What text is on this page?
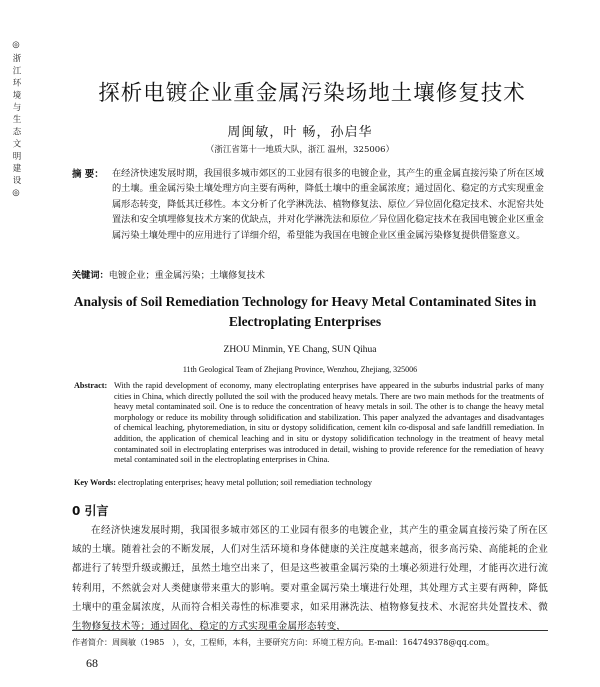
◎ 浙 江 环 境 与 生 态 文 明 建 设 ◎	探析电镀企业重金属污染场地土壤修复技术
周闽敏，叶 畅，孙启华
（浙江省第十一地质大队，浙江 温州，325006）
摘 要： 在经济快速发展时期，我国很多城市郊区的工业园有很多的电镀企业，其产生的重金属直接污染了所在区域的土壤。重金属污染土壤处理方向主要有两种，降低土壤中的重金属浓度；通过固化、稳定的方式实现重金属形态转变，降低其迁移性。本文分析了化学淋洗法、植物修复法、原位／异位固化稳定技术、水泥窑共处置法和安全填埋修复技术方案的优缺点，并对化学淋洗法和原位／异位固化稳定技术在我国电镀企业区重金属污染土壤处理中的应用进行了详细介绍，希望能为我国在电镀企业区重金属污染修复提供借鉴意义。
关键词：电镀企业；重金属污染；土壤修复技术
Analysis of Soil Remediation Technology for Heavy Metal Contaminated Sites in Electroplating Enterprises
ZHOU Minmin, YE Chang, SUN Qihua
11th Geological Team of Zhejiang Province, Wenzhou, Zhejiang, 325006
Abstract: With the rapid development of economy, many electroplating enterprises have appeared in the suburbs industrial parks of many cities in China, which directly polluted the soil with the produced heavy metals. There are two main methods for the treatments of heavy metal contaminated soil. One is to reduce the concentration of heavy metals in soil. The other is to change the heavy metal morphology or reduce its mobility through solidification and stabilization. This paper analyzed the advantages and disadvantages of chemical leaching, phytoremediation, in situ or dystopy solidification, cement kiln co-disposal and safe landfill remediation. In addition, the application of chemical leaching and in situ or dystopy solidification technology in the treatment of heavy metal contaminated soil in electroplating enterprises was introduced in detail, wishing to provide reference for the remediation of heavy metal contaminated soil in the electroplating enterprises in China.
Key Words: electroplating enterprises; heavy metal pollution; soil remediation technology
0 引言
在经济快速发展时期，我国很多城市郊区的工业园有很多的电镀企业，其产生的重金属直接污染了所在区域的土壤。随着社会的不断发展，人们对生活环境和身体健康的关注度越来越高，很多高污染、高能耗的企业都进行了转型升级或搬迁，虽然土地空出来了，但是这些被重金属污染的土壤必须进行处理，才能再次进行流转利用，不然就会对人类健康带来重大的影响。要对重金属污染土壤进行处理，其处理方式主要有两种，降低土壤中的重金属浓度，从而符合相关毒性的标准要求，如采用淋洗法、植物修复技术、水泥窑共处置技术、微生物修复技术等；通过固化、稳定的方式实现重金属形态转变，
作者简介：周闽敏（1985　），女，工程师，本科，主要研究方向：环境工程方向。E-mail：164749378@qq.com。
68
